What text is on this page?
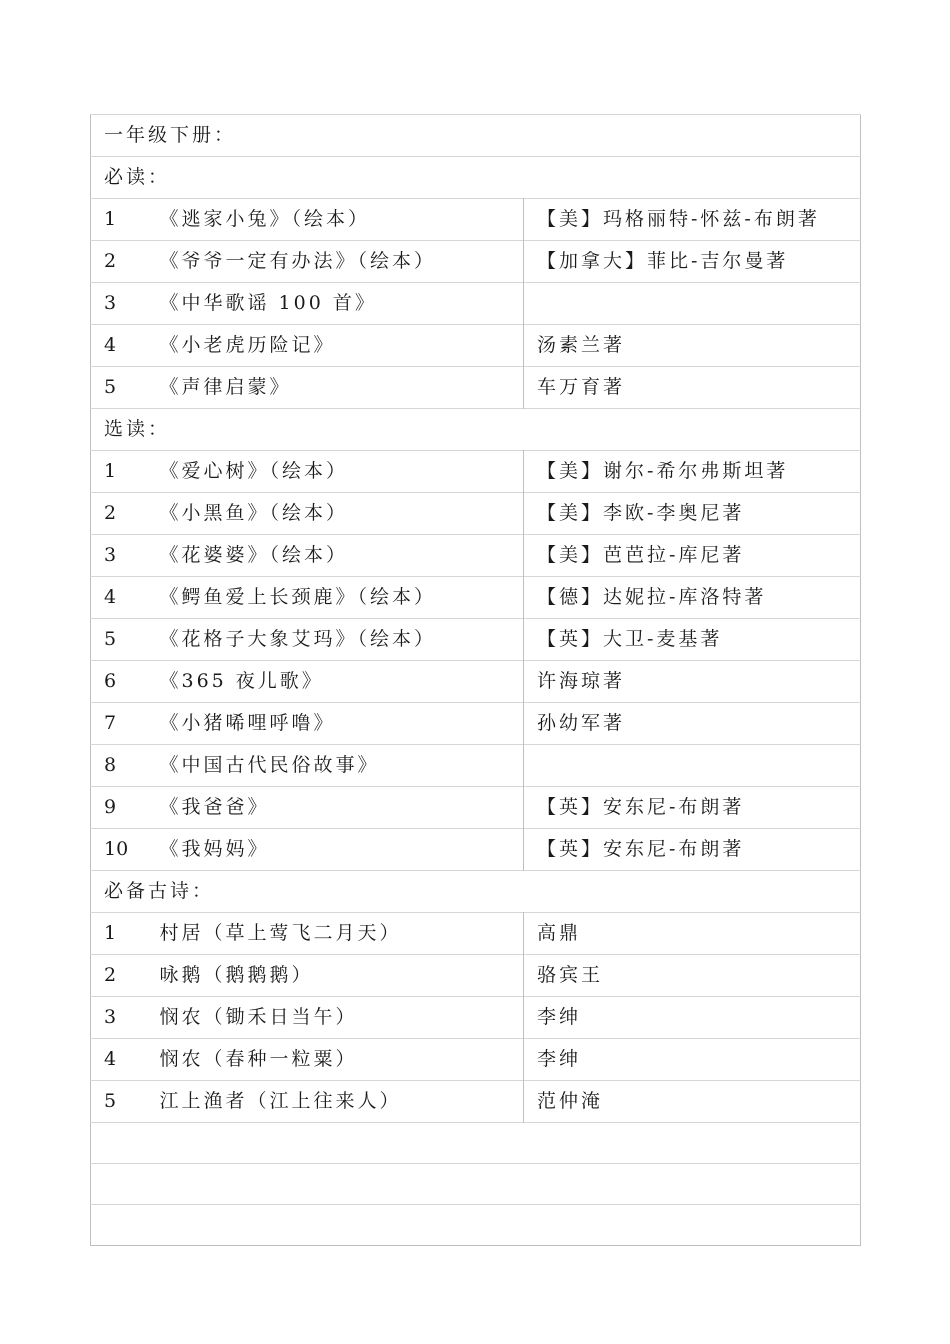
一年级下册：		
必读：		
1	《逃家小兔》（绘本）	【美】玛格丽特-怀兹-布朗著
2	《爷爷一定有办法》（绘本）	【加拿大】菲比-吉尔曼著
3	《中华歌谣 100 首》	
4	《小老虎历险记》	汤素兰著
5	《声律启蒙》	车万育著
选读：		
1	《爱心树》（绘本）	【美】谢尔-希尔弗斯坦著
2	《小黑鱼》（绘本）	【美】李欧-李奥尼著
3	《花婆婆》（绘本）	【美】芭芭拉-库尼著
4	《鳄鱼爱上长颈鹿》（绘本）	【德】达妮拉-库洛特著
5	《花格子大象艾玛》（绘本）	【英】大卫-麦基著
6	《365 夜儿歌》	许海琼著
7	《小猪唏哩呼噜》	孙幼军著
8	《中国古代民俗故事》	
9	《我爸爸》	【英】安东尼-布朗著
10	《我妈妈》	【英】安东尼-布朗著
必备古诗：		
1	村居（草上莺飞二月天）	高鼎
2	咏鹅（鹅鹅鹅）	骆宾王
3	悯农（锄禾日当午）	李绅
4	悯农（春种一粒粟）	李绅
5	江上渔者（江上往来人）	范仲淹
